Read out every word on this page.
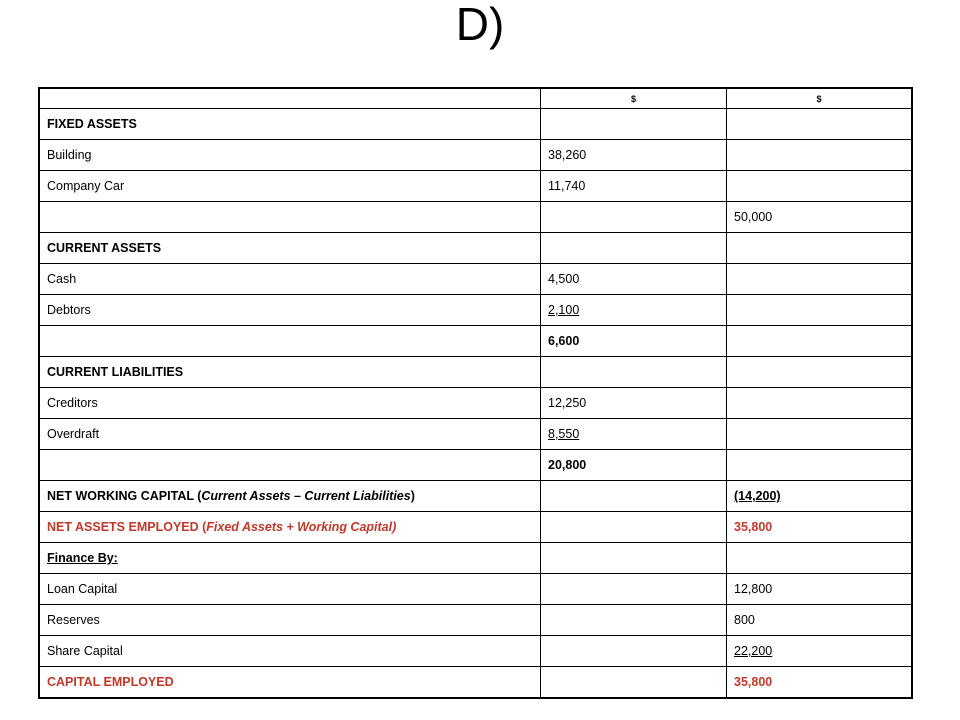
D)
	$	$
FIXED ASSETS		
Building	38,260	
Company Car	11,740	
		50,000
CURRENT ASSETS		
Cash	4,500	
Debtors	2,100	
	6,600	
CURRENT LIABILITIES		
Creditors	12,250	
Overdraft	8,550	
	20,800	
NET WORKING CAPITAL (Current Assets – Current Liabilities)		(14,200)
NET ASSETS EMPLOYED (Fixed Assets + Working Capital)		35,800
Finance By:		
Loan Capital		12,800
Reserves		800
Share Capital		22,200
CAPITAL EMPLOYED		35,800
